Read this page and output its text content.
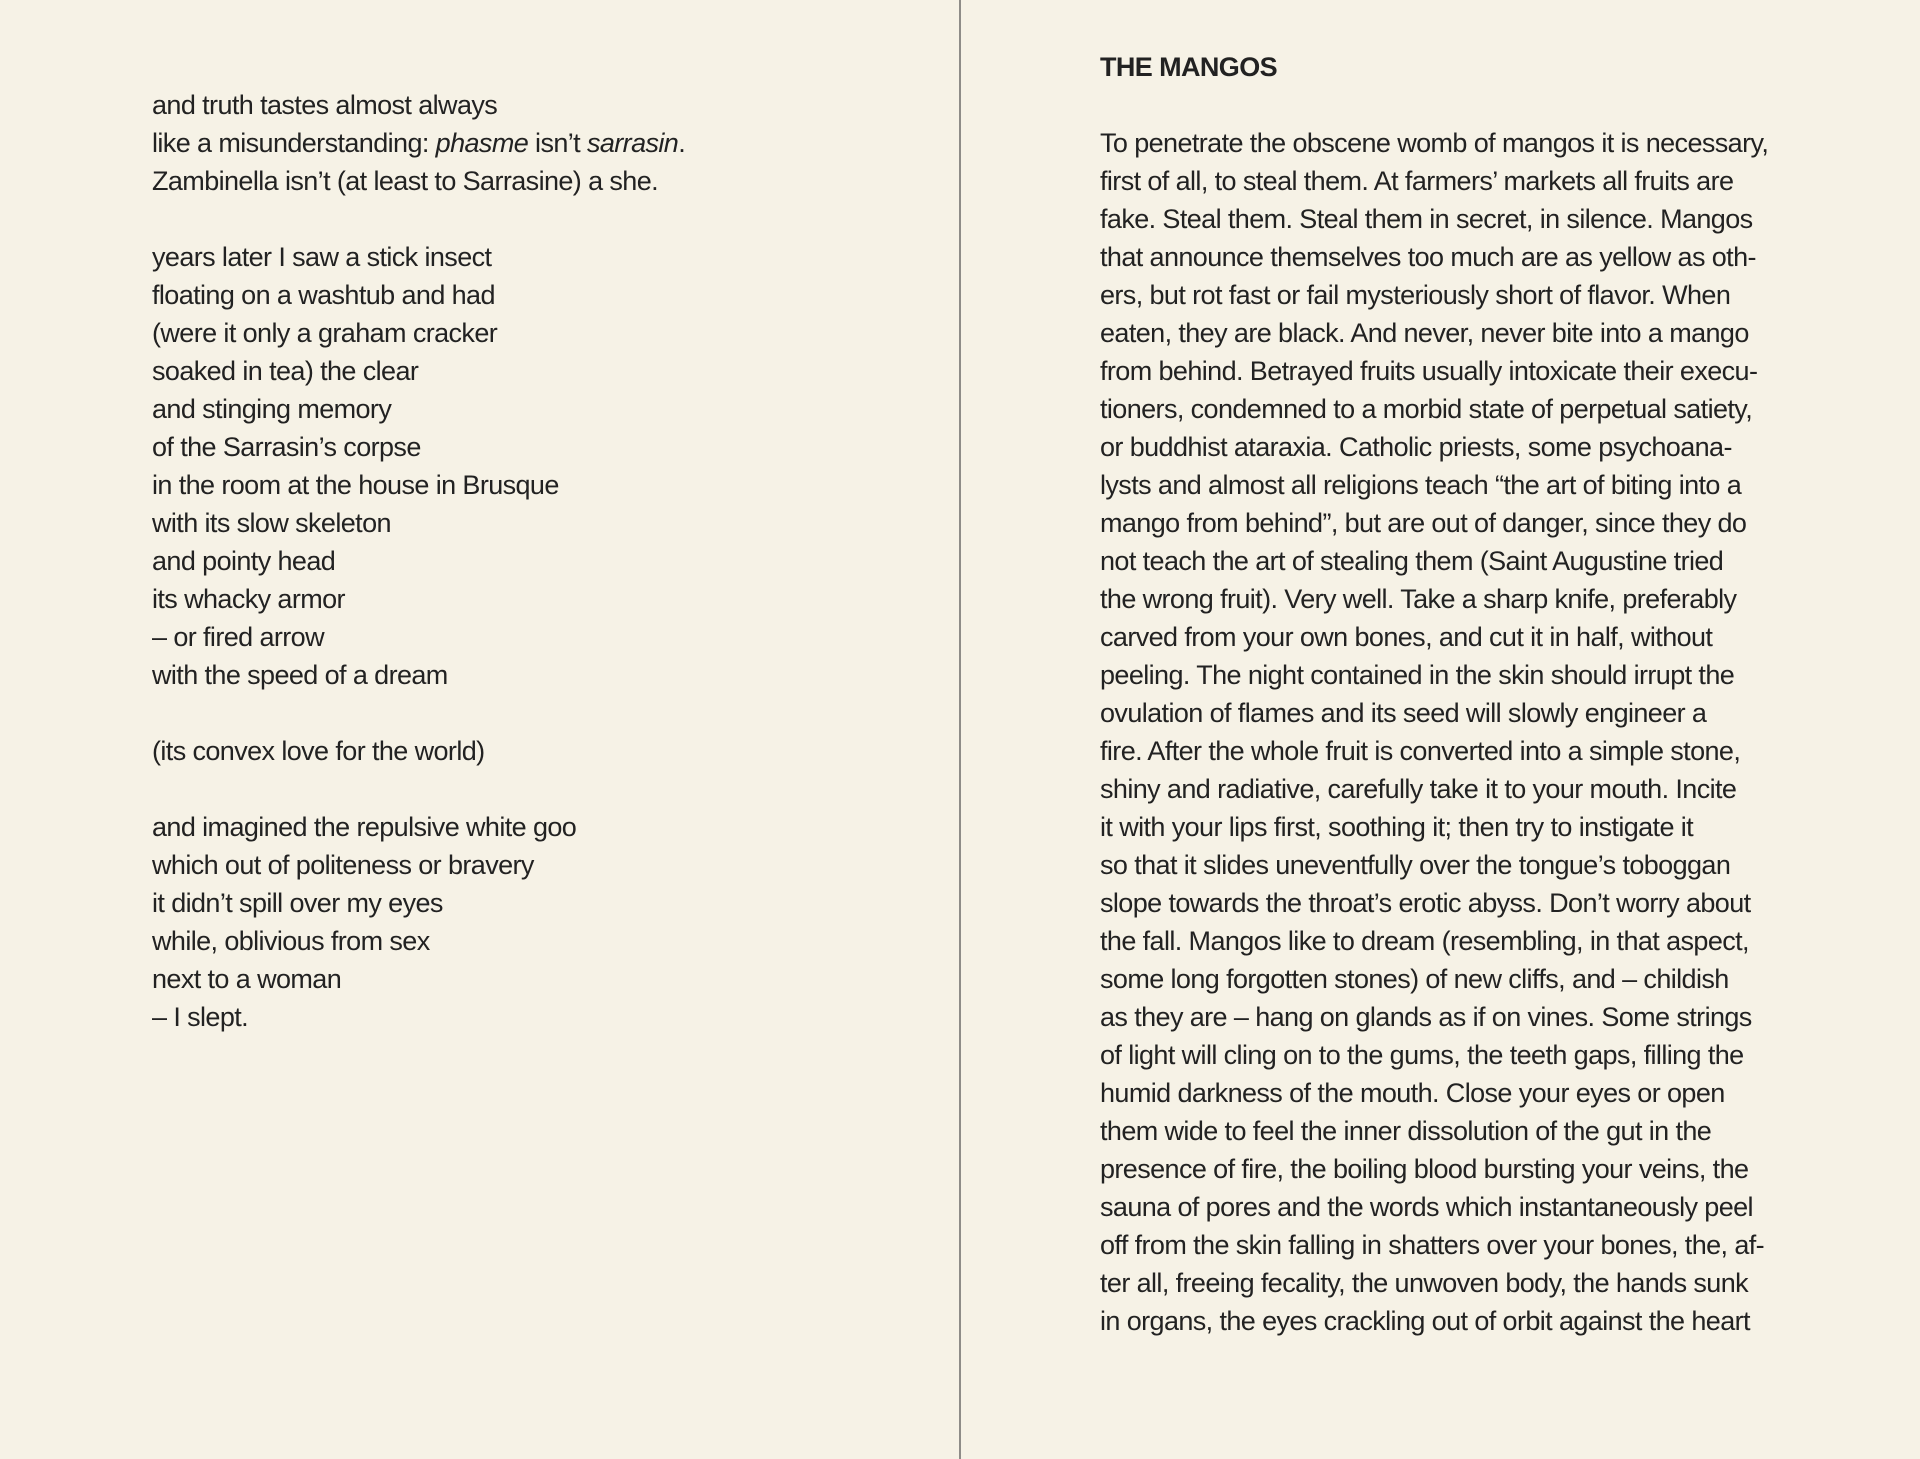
and truth tastes almost always
like a misunderstanding: phasme isn’t sarrasin.
Zambinella isn’t (at least to Sarrasine) a she.
years later I saw a stick insect
floating on a washtub and had
(were it only a graham cracker
soaked in tea) the clear
and stinging memory
of the Sarrasin’s corpse
in the room at the house in Brusque
with its slow skeleton
and pointy head
its whacky armor
– or fired arrow
with the speed of a dream
(its convex love for the world)
and imagined the repulsive white goo
which out of politeness or bravery
it didn’t spill over my eyes
while, oblivious from sex
next to a woman
– I slept.
THE MANGOS
To penetrate the obscene womb of mangos it is necessary,
first of all, to steal them. At farmers’ markets all fruits are
fake. Steal them. Steal them in secret, in silence. Mangos
that announce themselves too much are as yellow as oth-
ers, but rot fast or fail mysteriously short of flavor. When
eaten, they are black. And never, never bite into a mango
from behind. Betrayed fruits usually intoxicate their execu-
tioners, condemned to a morbid state of perpetual satiety,
or buddhist ataraxia. Catholic priests, some psychoana-
lysts and almost all religions teach “the art of biting into a
mango from behind”, but are out of danger, since they do
not teach the art of stealing them (Saint Augustine tried
the wrong fruit). Very well. Take a sharp knife, preferably
carved from your own bones, and cut it in half, without
peeling. The night contained in the skin should irrupt the
ovulation of flames and its seed will slowly engineer a
fire. After the whole fruit is converted into a simple stone,
shiny and radiative, carefully take it to your mouth. Incite
it with your lips first, soothing it; then try to instigate it
so that it slides uneventfully over the tongue’s toboggan
slope towards the throat’s erotic abyss. Don’t worry about
the fall. Mangos like to dream (resembling, in that aspect,
some long forgotten stones) of new cliffs, and – childish
as they are – hang on glands as if on vines. Some strings
of light will cling on to the gums, the teeth gaps, filling the
humid darkness of the mouth. Close your eyes or open
them wide to feel the inner dissolution of the gut in the
presence of fire, the boiling blood bursting your veins, the
sauna of pores and the words which instantaneously peel
off from the skin falling in shatters over your bones, the, af-
ter all, freeing fecality, the unwoven body, the hands sunk
in organs, the eyes crackling out of orbit against the heart
